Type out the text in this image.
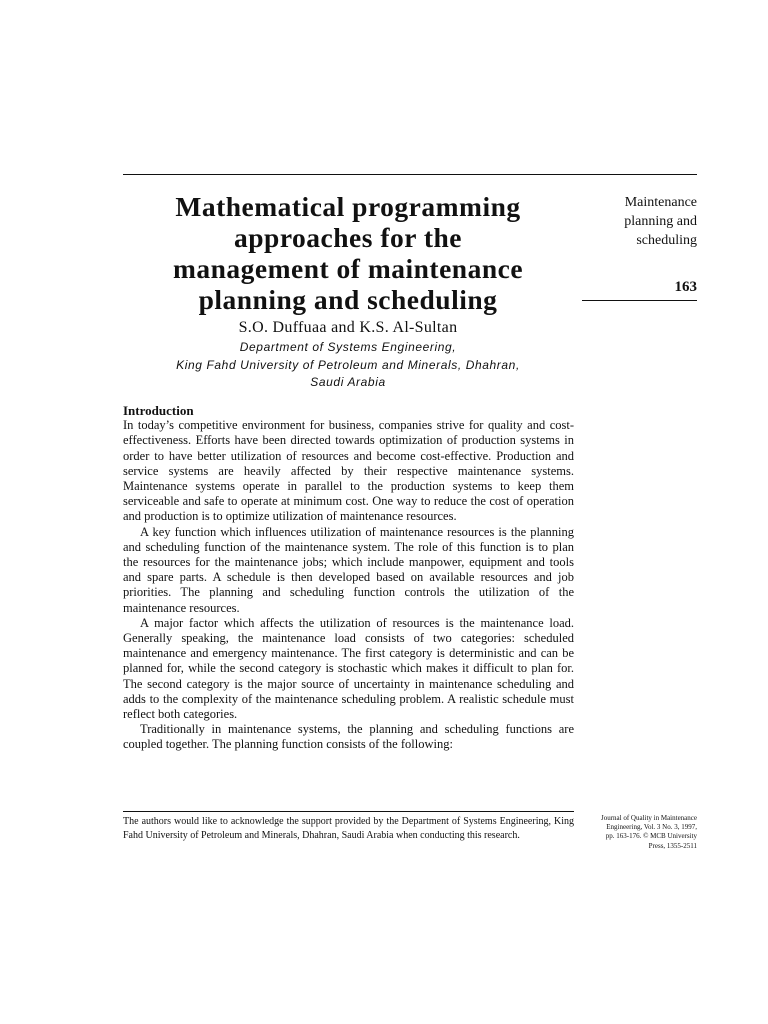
Mathematical programming
approaches for the
management of maintenance
planning and scheduling
S.O. Duffuaa and K.S. Al-Sultan
Department of Systems Engineering,
King Fahd University of Petroleum and Minerals, Dhahran,
Saudi Arabia
Maintenance
planning and
scheduling
163
Introduction

In today’s competitive environment for business, companies strive for quality and cost-effectiveness. Efforts have been directed towards optimization of production systems in order to have better utilization of resources and become cost-effective. Production and service systems are heavily affected by their respective maintenance systems. Maintenance systems operate in parallel to the production systems to keep them serviceable and safe to operate at minimum cost. One way to reduce the cost of operation and production is to optimize utilization of maintenance resources.

A key function which influences utilization of maintenance resources is the planning and scheduling function of the maintenance system. The role of this function is to plan the resources for the maintenance jobs; which include manpower, equipment and tools and spare parts. A schedule is then developed based on available resources and job priorities. The planning and scheduling function controls the utilization of the maintenance resources.

A major factor which affects the utilization of resources is the maintenance load. Generally speaking, the maintenance load consists of two categories: scheduled maintenance and emergency maintenance. The first category is deterministic and can be planned for, while the second category is stochastic which makes it difficult to plan for. The second category is the major source of uncertainty in maintenance scheduling and adds to the complexity of the maintenance scheduling problem. A realistic schedule must reflect both categories.

Traditionally in maintenance systems, the planning and scheduling functions are coupled together. The planning function consists of the following:

The authors would like to acknowledge the support provided by the Department of Systems Engineering, King Fahd University of Petroleum and Minerals, Dhahran, Saudi Arabia when conducting this research.

Journal of Quality in Maintenance
Engineering, Vol. 3 No. 3, 1997,
pp. 163-176. © MCB University
Press, 1355-2511
